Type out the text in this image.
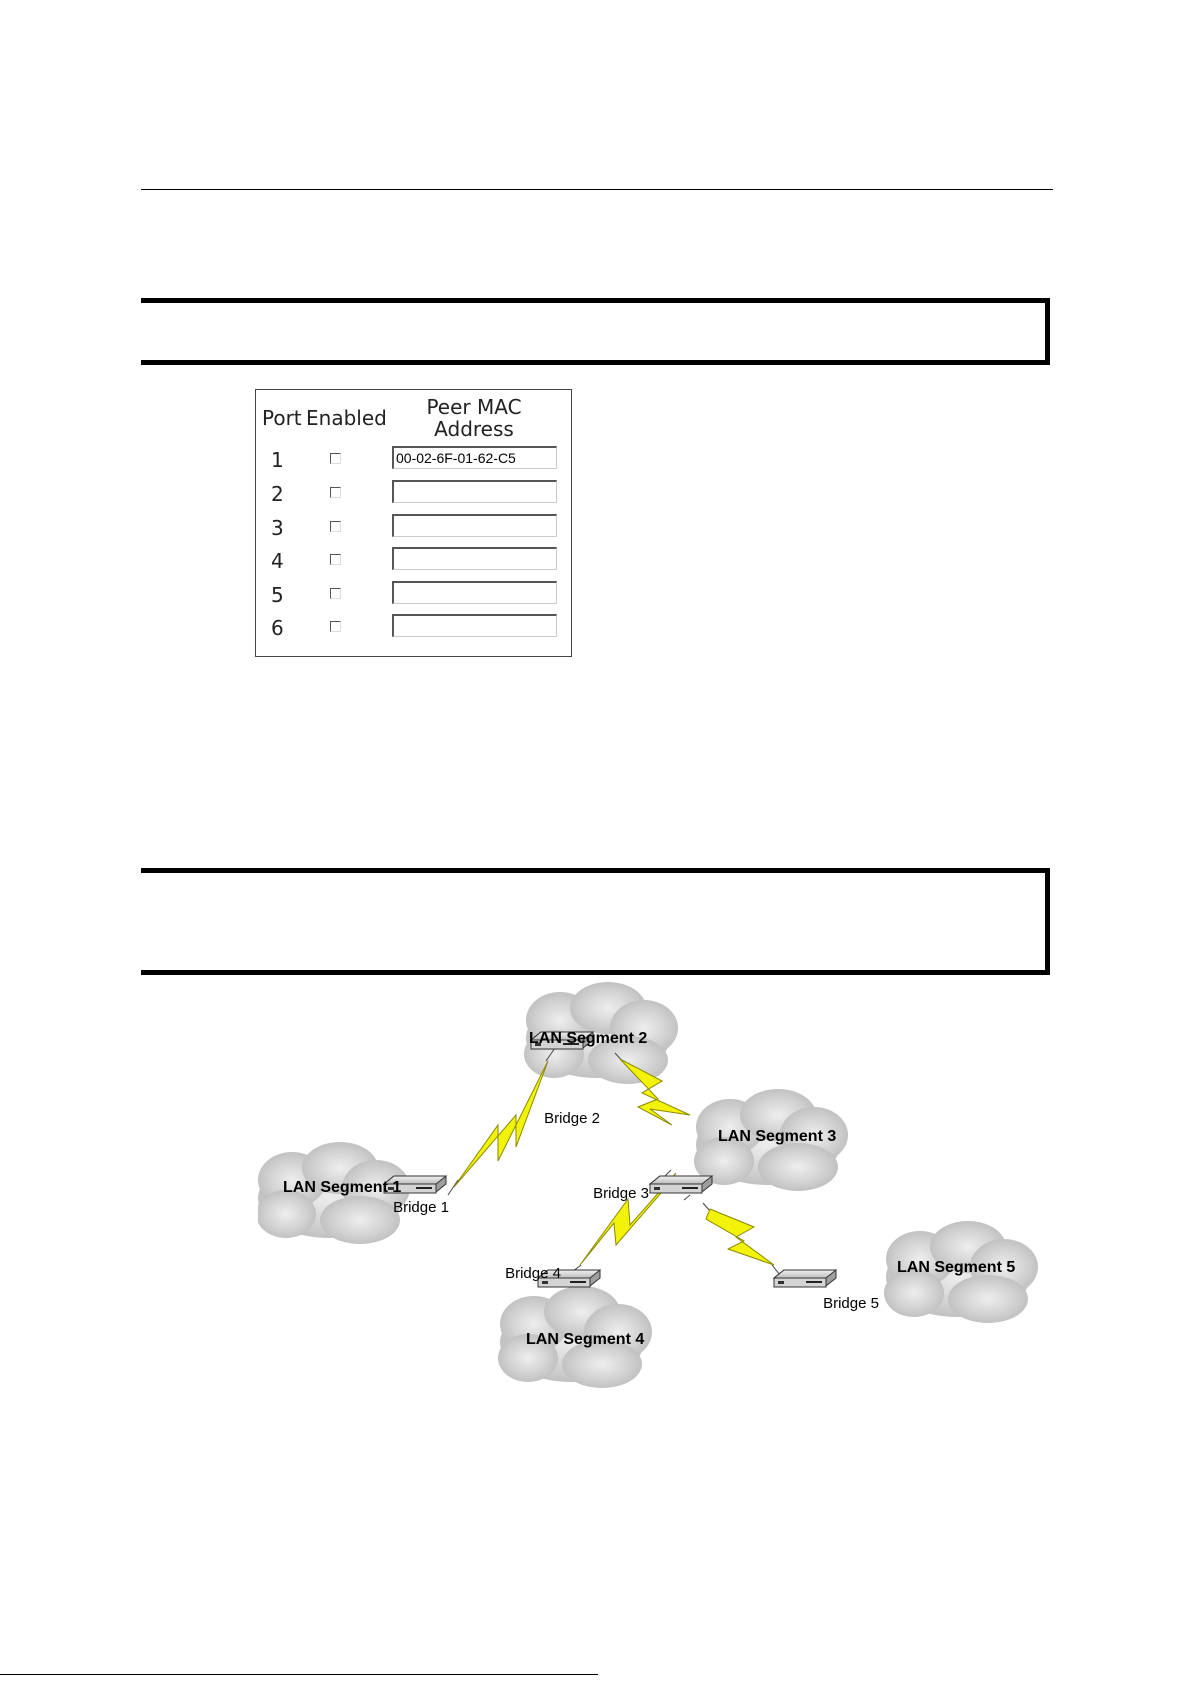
Port Enabled	Peer MAC
Address
1
00-02-6F-01-62-C5
2
3
4
5
6
LAN Segment 2
LAN Segment 3
LAN Segment 1
LAN Segment 4
LAN Segment 5
Bridge 2
Bridge 1
Bridge 3
Bridge 4
Bridge 5
